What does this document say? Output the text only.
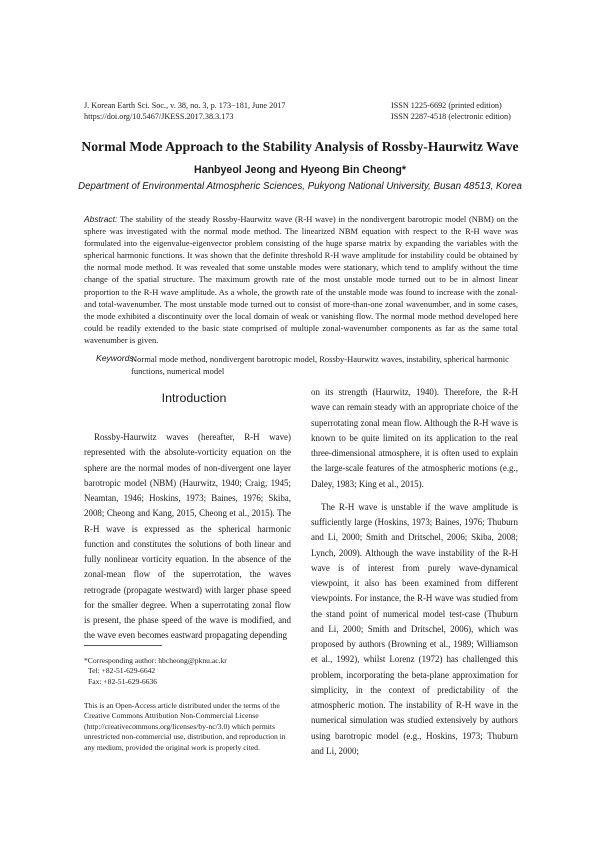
J. Korean Earth Sci. Soc., v. 38, no. 3, p. 173−181, June 2017
https://doi.org/10.5467/JKESS.2017.38.3.173
ISSN 1225-6692 (printed edition)
ISSN 2287-4518 (electronic edition)
Normal Mode Approach to the Stability Analysis of Rossby-Haurwitz Wave
Hanbyeol Jeong and Hyeong Bin Cheong*
Department of Environmental Atmospheric Sciences, Pukyong National University, Busan 48513, Korea
Abstract: The stability of the steady Rossby-Haurwitz wave (R-H wave) in the nondivergent barotropic model (NBM) on the sphere was investigated with the normal mode method. The linearized NBM equation with respect to the R-H wave was formulated into the eigenvalue-eigenvector problem consisting of the huge sparse matrix by expanding the variables with the spherical harmonic functions. It was shown that the definite threshold R-H wave amplitude for instability could be obtained by the normal mode method. It was revealed that some unstable modes were stationary, which tend to amplify without the time change of the spatial structure. The maximum growth rate of the most unstable mode turned out to be in almost linear proportion to the R-H wave amplitude. As a whole, the growth rate of the unstable mode was found to increase with the zonal- and total-wavenumber. The most unstable mode turned out to consist of more-than-one zonal wavenumber, and in some cases, the mode exhibited a discontinuity over the local domain of weak or vanishing flow. The normal mode method developed here could be readily extended to the basic state comprised of multiple zonal-wavenumber components as far as the same total wavenumber is given.
Keywords:
Normal mode method, nondivergent barotropic model, Rossby-Haurwitz waves, instability, spherical harmonic functions, numerical model
Introduction

Rossby-Haurwitz waves (hereafter, R-H wave) represented with the absolute-vorticity equation on the sphere are the normal modes of non-divergent one layer barotropic model (NBM) (Haurwitz, 1940; Craig, 1945; Neamtan, 1946; Hoskins, 1973; Baines, 1976; Skiba, 2008; Cheong and Kang, 2015, Cheong et al., 2015). The R-H wave is expressed as the spherical harmonic function and constitutes the solutions of both linear and fully nonlinear vorticity equation. In the absence of the zonal-mean flow of the superrotation, the waves retrograde (propagate westward) with larger phase speed for the smaller degree. When a superrotating zonal flow is present, the phase speed of the wave is modified, and the wave even becomes eastward propagating depending

on its strength (Haurwitz, 1940). Therefore, the R-H wave can remain steady with an appropriate choice of the superrotating zonal mean flow. Although the R-H wave is known to be quite limited on its application to the real three-dimensional atmosphere, it is often used to explain the large-scale features of the atmospheric motions (e.g., Daley, 1983; King et al., 2015).

The R-H wave is unstable if the wave amplitude is sufficiently large (Hoskins, 1973; Baines, 1976; Thuburn and Li, 2000; Smith and Dritschel, 2006; Skiba, 2008; Lynch, 2009). Although the wave instability of the R-H wave is of interest from purely wave-dynamical viewpoint, it also has been examined from different viewpoints. For instance, the R-H wave was studied from the stand point of numerical model test-case (Thuburn and Li, 2000; Smith and Dritschel, 2006), which was proposed by authors (Browning et al., 1989; Williamson et al., 1992), whilst Lorenz (1972) has challenged this problem, incorporating the beta-plane approximation for simplicity, in the context of predictability of the atmospheric motion. The instability of R-H wave in the numerical simulation was studied extensively by authors using barotropic model (e.g., Hoskins, 1973; Thuburn and Li, 2000;

*Corresponding author: hbcheong@pknu.ac.kr
Tel: +82-51-629-6642
Fax: +82-51-629-6636
This is an Open-Access article distributed under the terms of the Creative Commons Attribution Non-Commercial License (http://creativecommons.org/licenses/by-nc/3.0) which permits unrestricted non-commercial use, distribution, and reproduction in any medium, provided the original work is properly cited.
